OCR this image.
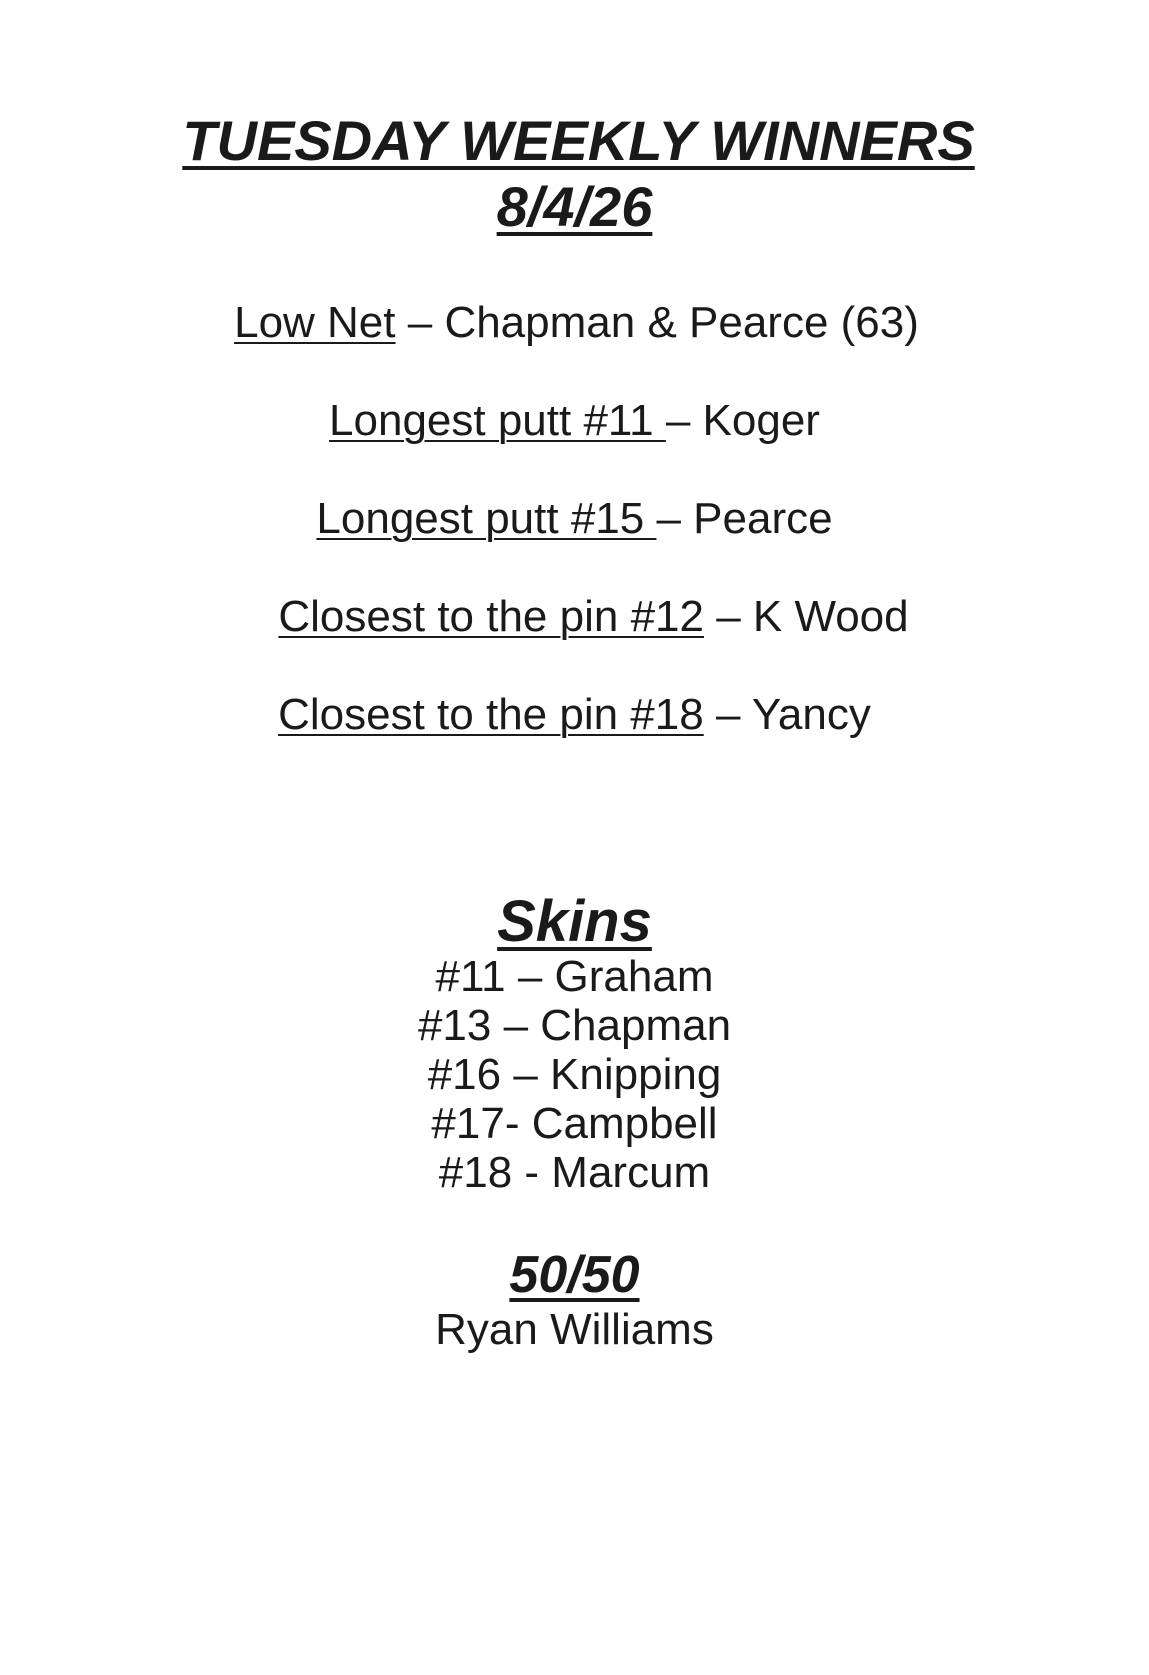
TUESDAY WEEKLY WINNERS

8/4/26

Low Net – Chapman & Pearce (63)

Longest putt #11 – Koger

Longest putt #15 – Pearce

Closest to the pin #12 – K Wood

Closest to the pin #18 – Yancy

Skins

#11 – Graham

#13 – Chapman

#16 – Knipping

#17- Campbell

#18 - Marcum

50/50

Ryan Williams
